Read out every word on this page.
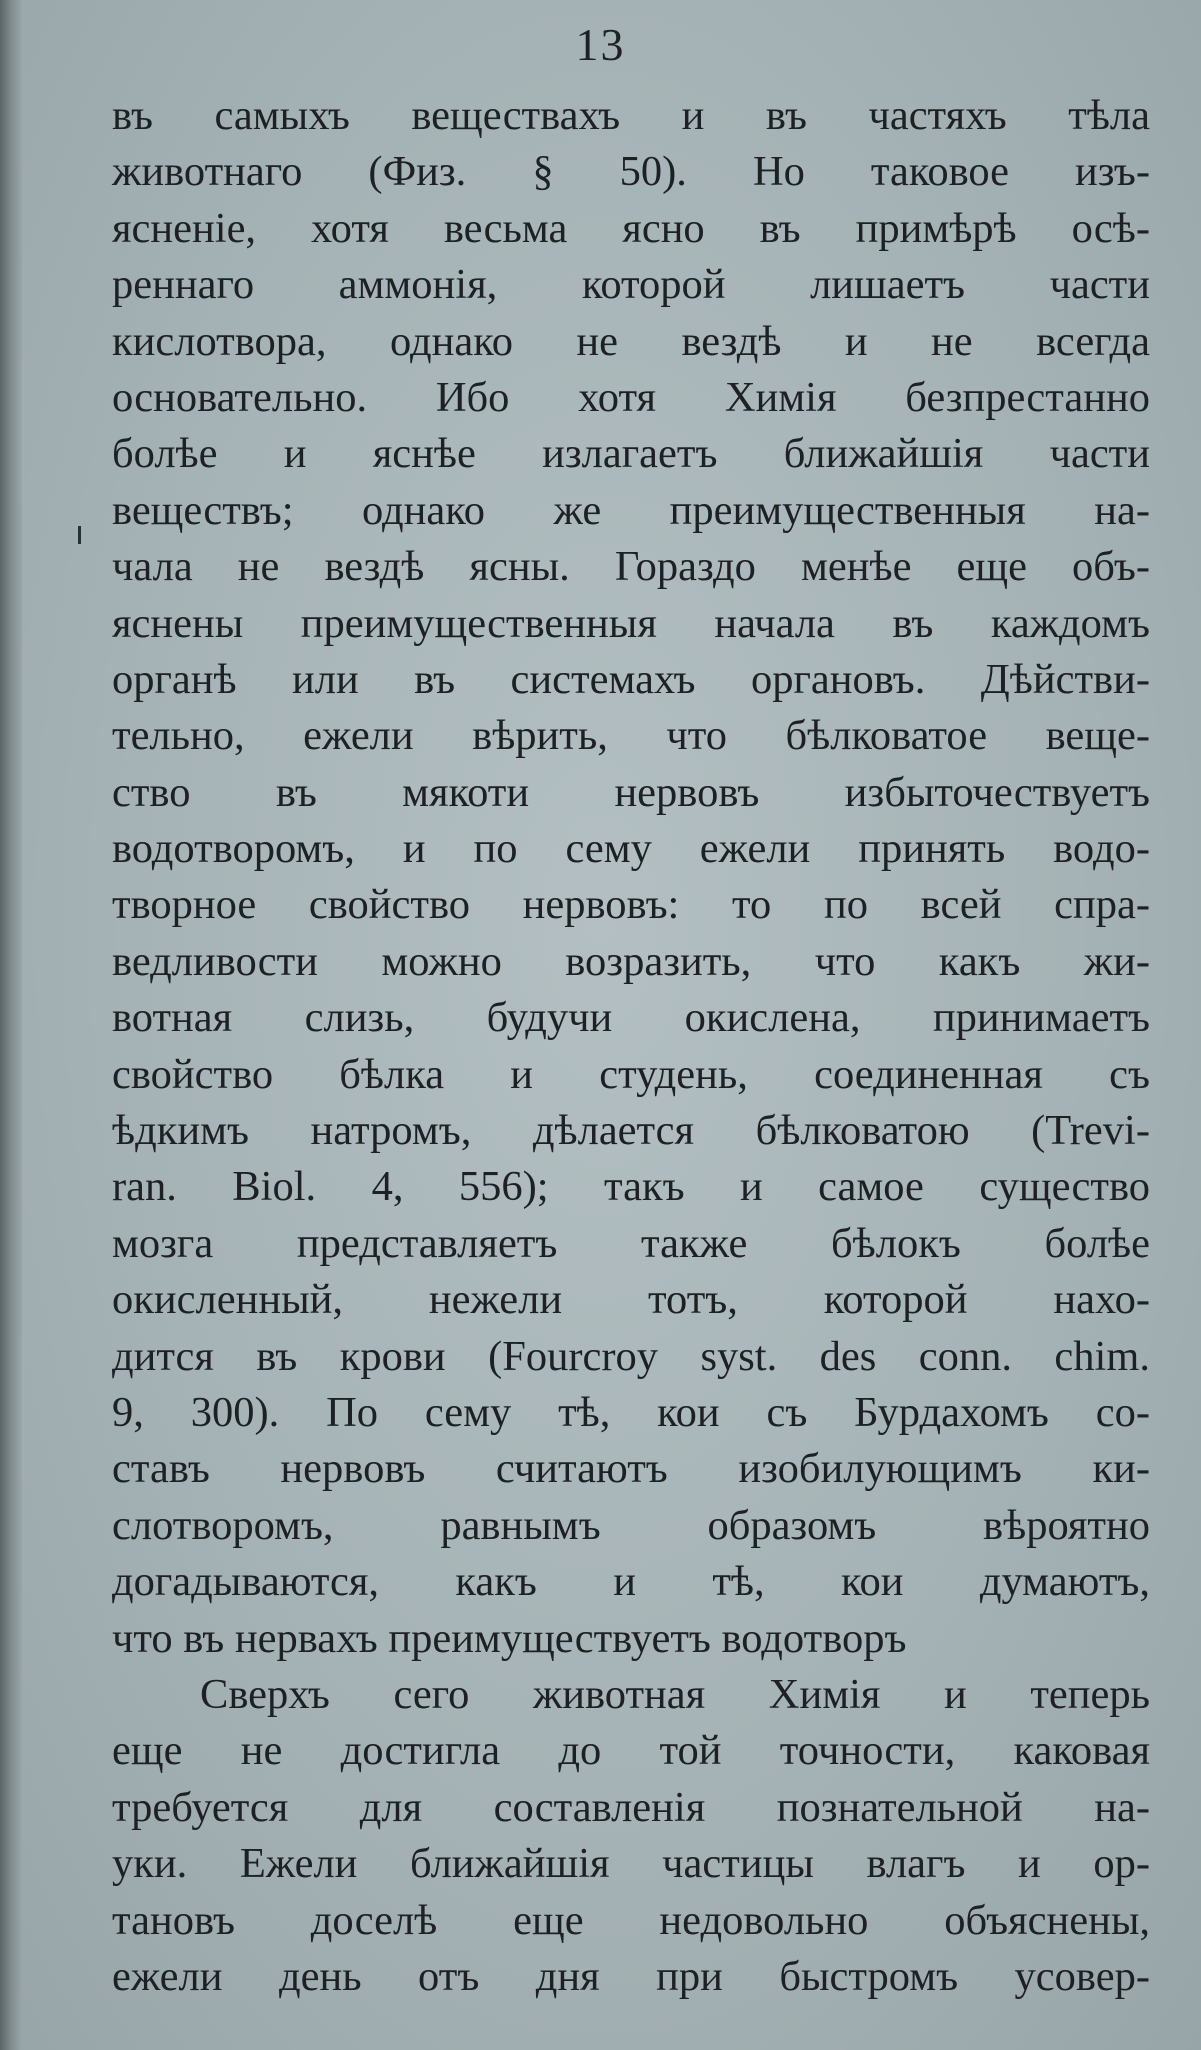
13
въ самыхъ веществахъ и въ частяхъ тѣла
животнаго (Физ. § 50). Но таковое изъ-
ясненіе, хотя весьма ясно въ примѣрѣ осѣ-
реннаго аммонія, которой лишаетъ части
кислотвора, однако не вездѣ и не всегда
основательно. Ибо хотя Химія безпрестанно
болѣе и яснѣе излагаетъ ближайшія части
веществъ; однако же преимущественныя на-
чала не вездѣ ясны. Гораздо менѣе еще объ-
яснены преимущественныя начала въ каждомъ
органѣ или въ системахъ органовъ. Дѣйстви-
тельно, ежели вѣрить, что бѣлковатое веще-
ство въ мякоти нервовъ избыточествуетъ
водотворомъ, и по сему ежели принять водо-
творное свойство нервовъ: то по всей спра-
ведливости можно возразить, что какъ жи-
вотная слизь, будучи окислена, принимаетъ
свойство бѣлка и студень, соединенная съ
ѣдкимъ натромъ, дѣлается бѣлковатою (Trevi-
ran. Biol. 4, 556); такъ и самое существо
мозга представляетъ также бѣлокъ болѣе
окисленный, нежели тотъ, которой нахо-
дится въ крови (Fourcroy syst. des conn. chim.
9, 300). По сему тѣ, кои съ Бурдахомъ со-
ставъ нервовъ считаютъ изобилующимъ ки-
слотворомъ, равнымъ образомъ вѣроятно
догадываются, какъ и тѣ, кои думаютъ,
что въ нервахъ преимуществуетъ водотворъ
Сверхъ сего животная Химія и теперь
еще не достигла до той точности, каковая
требуется для составленія познательной на-
уки. Ежели ближайшія частицы влагъ и ор-
тановъ доселѣ еще недовольно объяснены,
ежели день отъ дня при быстромъ усовер-
